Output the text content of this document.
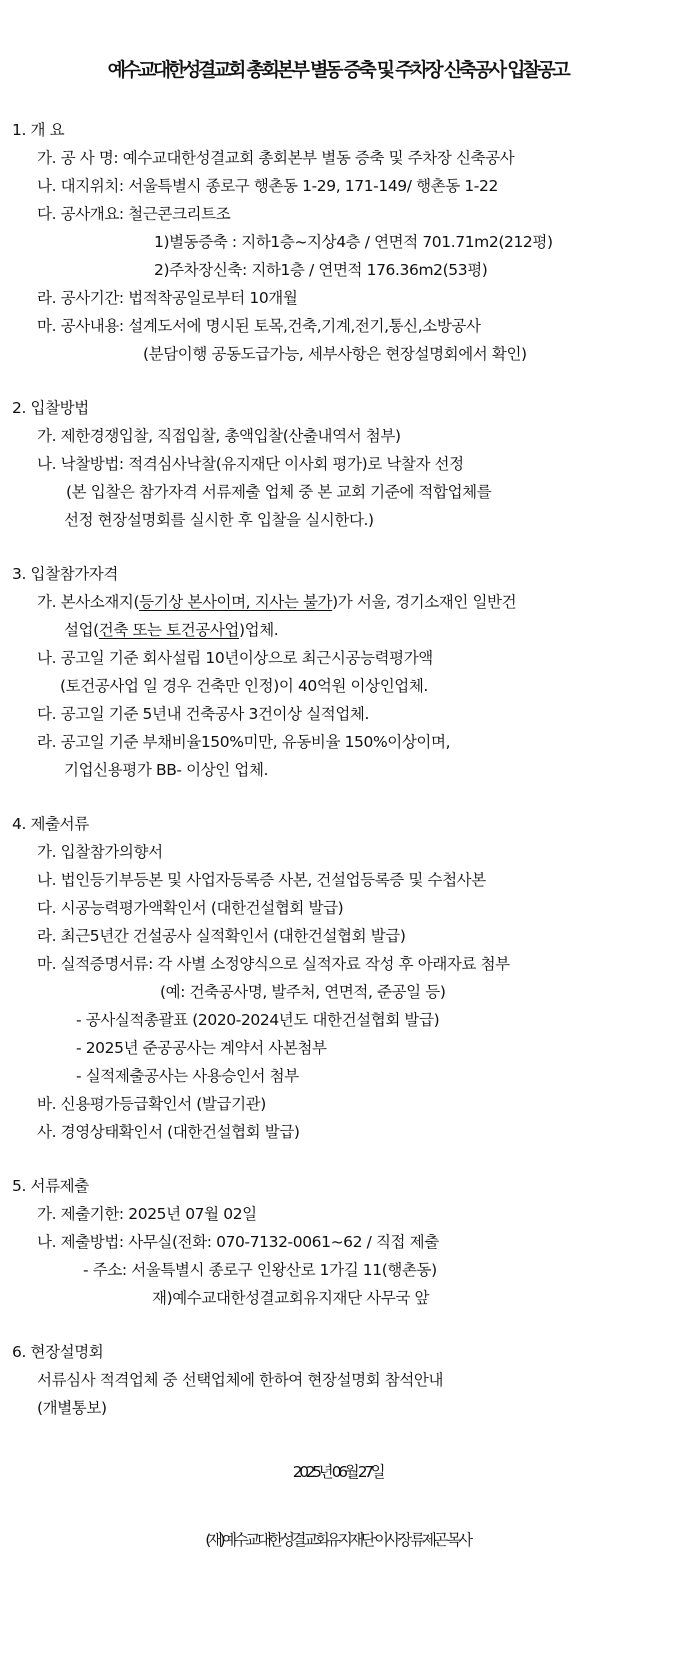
예수교대한성결교회 총회본부 별동 증축 및 주차장 신축공사 입찰공고
1. 개 요
가. 공 사 명: 예수교대한성결교회 총회본부 별동 증축 및 주차장 신축공사
나. 대지위치: 서울특별시 종로구 행촌동 1-29, 171-149/ 행촌동 1-22
다. 공사개요: 철근콘크리트조
1)별동증축 : 지하1층~지상4층 / 연면적 701.71m2(212평)
2)주차장신축: 지하1층 / 연면적 176.36m2(53평)
라. 공사기간: 법적착공일로부터 10개월
마. 공사내용: 설계도서에 명시된 토목,건축,기계,전기,통신,소방공사
(분담이행 공동도급가능, 세부사항은 현장설명회에서 확인)
2. 입찰방법
가. 제한경쟁입찰, 직접입찰, 총액입찰(산출내역서 첨부)
나. 낙찰방법: 적격심사낙찰(유지재단 이사회 평가)로 낙찰자 선정
(본 입찰은 참가자격 서류제출 업체 중 본 교회 기준에 적합업체를
선정 현장설명회를 실시한 후 입찰을 실시한다.)
3. 입찰참가자격
가. 본사소재지(등기상 본사이며, 지사는 불가)가 서울, 경기소재인 일반건
설업(건축 또는 토건공사업)업체.
나. 공고일 기준 회사설립 10년이상으로 최근시공능력평가액
(토건공사업 일 경우 건축만 인정)이 40억원 이상인업체.
다. 공고일 기준 5년내 건축공사 3건이상 실적업체.
라. 공고일 기준 부채비율150%미만, 유동비율 150%이상이며,
기업신용평가 BB- 이상인 업체.
4. 제출서류
가. 입찰참가의향서
나. 법인등기부등본 및 사업자등록증 사본, 건설업등록증 및 수첩사본
다. 시공능력평가액확인서 (대한건설협회 발급)
라. 최근5년간 건설공사 실적확인서 (대한건설협회 발급)
마. 실적증명서류: 각 사별 소정양식으로 실적자료 작성 후 아래자료 첨부
(예: 건축공사명, 발주처, 연면적, 준공일 등)
- 공사실적총괄표 (2020-2024년도 대한건설협회 발급)
- 2025년 준공공사는 계약서 사본첨부
- 실적제출공사는 사용승인서 첨부
바. 신용평가등급확인서 (발급기관)
사. 경영상태확인서 (대한건설협회 발급)
5. 서류제출
가. 제출기한: 2025년 07월 02일
나. 제출방법: 사무실(전화: 070-7132-0061~62 / 직접 제출
- 주소: 서울특별시 종로구 인왕산로 1가길 11(행촌동)
재)예수교대한성결교회유지재단 사무국 앞
6. 현장설명회
서류심사 적격업체 중 선택업체에 한하여 현장설명회 참석안내
(개별통보)
2025년 06월 27일
(재)예수교대한성결교회유지재단 이사장 류제곤 목사
